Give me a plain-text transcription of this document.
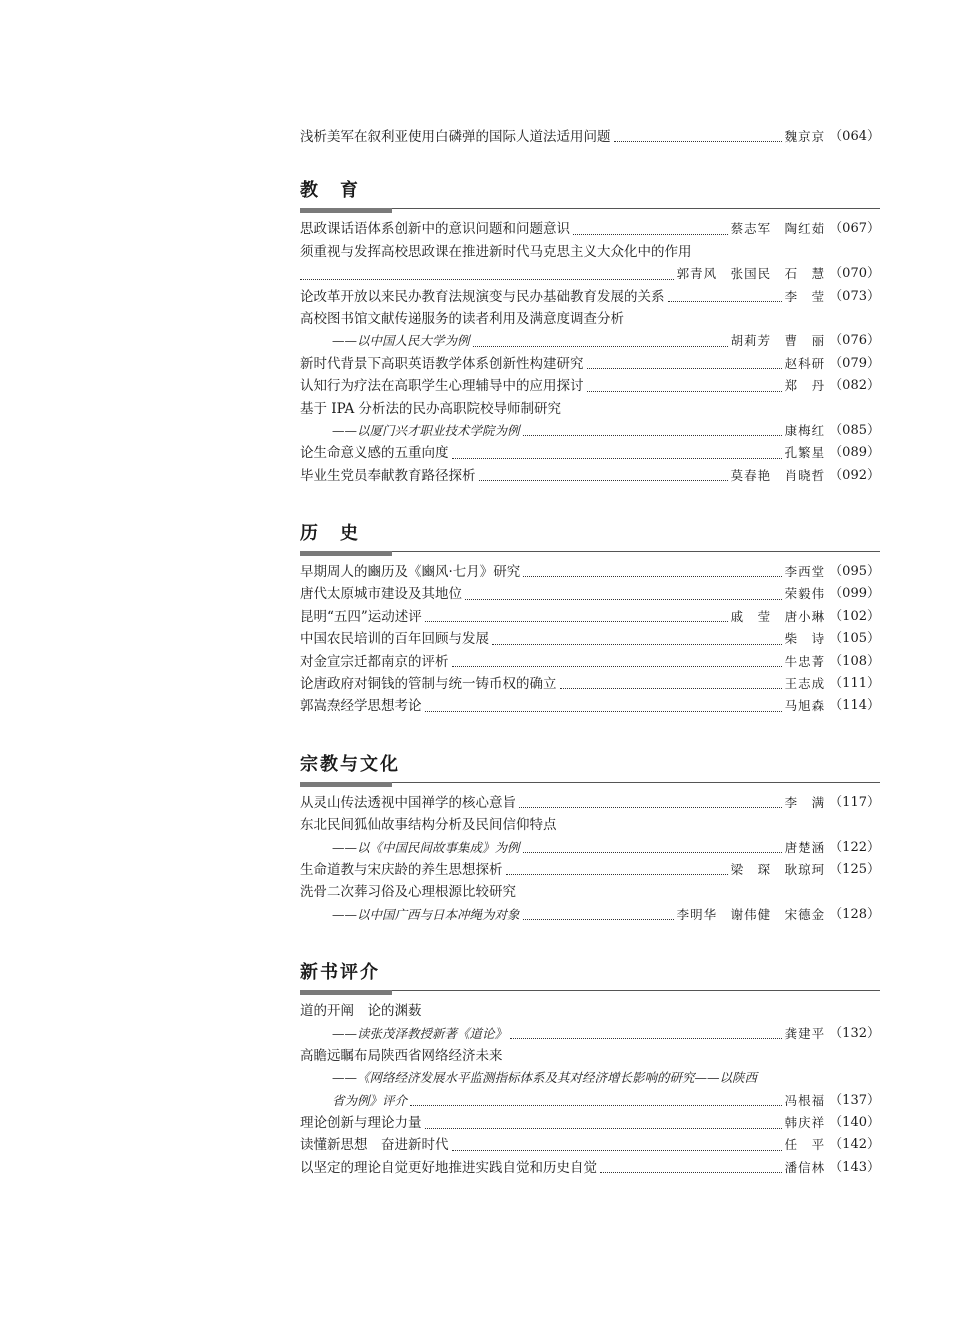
浅析美军在叙利亚使用白磷弹的国际人道法适用问题	魏京京 （064）
教　育
思政课话语体系创新中的意识问题和问题意识	蔡志军　陶红茹 （067）
须重视与发挥高校思政课在推进新时代马克思主义大众化中的作用
郭青风　张国民　石　慧 （070）
论改革开放以来民办教育法规演变与民办基础教育发展的关系	李　莹 （073）
高校图书馆文献传递服务的读者利用及满意度调查分析
——以中国人民大学为例	胡莉芳　曹　丽 （076）
新时代背景下高职英语教学体系创新性构建研究	赵科研 （079）
认知行为疗法在高职学生心理辅导中的应用探讨	郑　丹 （082）
基于 IPA 分析法的民办高职院校导师制研究
——以厦门兴才职业技术学院为例	康梅红 （085）
论生命意义感的五重向度	孔繁星 （089）
毕业生党员奉献教育路径探析	莫春艳　肖晓哲 （092）
历　史
早期周人的豳历及《豳风·七月》研究	李西堂 （095）
唐代太原城市建设及其地位	荣毅伟 （099）
昆明“五四”运动述评	戚　莹　唐小琳 （102）
中国农民培训的百年回顾与发展	柴　诗 （105）
对金宣宗迁都南京的评析	牛忠菁 （108）
论唐政府对铜钱的管制与统一铸币权的确立	王志成 （111）
郭嵩焘经学思想考论	马旭森 （114）
宗教与文化
从灵山传法透视中国禅学的核心意旨	李　满 （117）
东北民间狐仙故事结构分析及民间信仰特点
——以《中国民间故事集成》为例	唐楚涵 （122）
生命道教与宋庆龄的养生思想探析	梁　琛　耿琼珂 （125）
洗骨二次葬习俗及心理根源比较研究
——以中国广西与日本冲绳为对象	李明华　谢伟健　宋德金 （128）
新书评介
道的开阐　论的渊薮
——读张茂泽教授新著《道论》	龚建平 （132）
高瞻远瞩布局陕西省网络经济未来
——《网络经济发展水平监测指标体系及其对经济增长影响的研究——以陕西
省为例》评介	冯根福 （137）
理论创新与理论力量	韩庆祥 （140）
读懂新思想　奋进新时代	任　平 （142）
以坚定的理论自觉更好地推进实践自觉和历史自觉	潘信林 （143）
